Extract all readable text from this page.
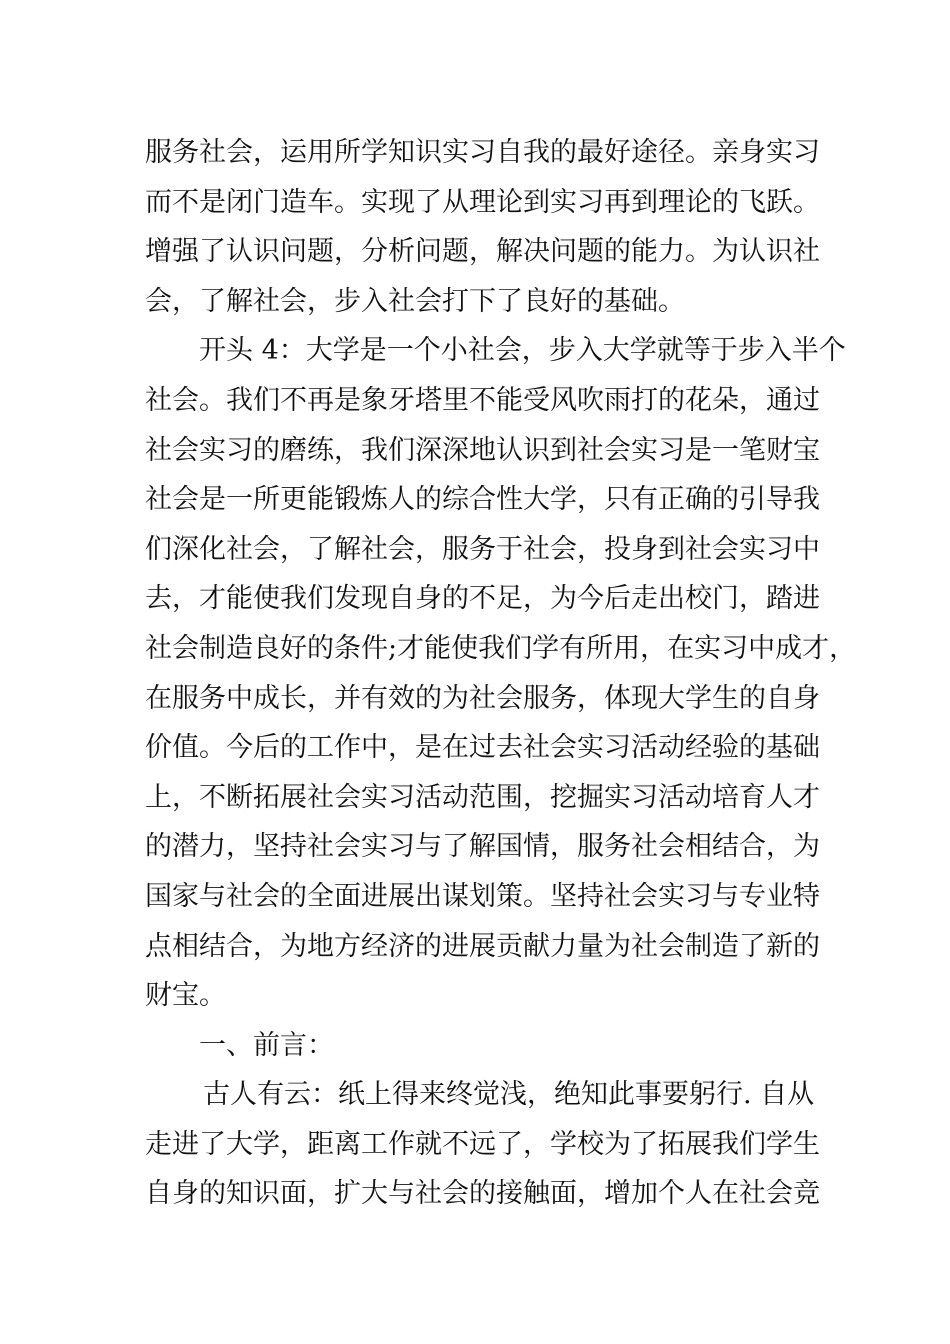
服务社会，运用所学知识实习自我的最好途径。亲身实习
而不是闭门造车。实现了从理论到实习再到理论的飞跃。
增强了认识问题，分析问题，解决问题的能力。为认识社
会，了解社会，步入社会打下了良好的基础。
开头 4：大学是一个小社会，步入大学就等于步入半个
社会。我们不再是象牙塔里不能受风吹雨打的花朵，通过
社会实习的磨练，我们深深地认识到社会实习是一笔财宝
社会是一所更能锻炼人的综合性大学，只有正确的引导我
们深化社会，了解社会，服务于社会，投身到社会实习中
去，才能使我们发现自身的不足，为今后走出校门，踏进
社会制造良好的条件;才能使我们学有所用，在实习中成才，
在服务中成长，并有效的为社会服务，体现大学生的自身
价值。今后的工作中，是在过去社会实习活动经验的基础
上，不断拓展社会实习活动范围，挖掘实习活动培育人才
的潜力，坚持社会实习与了解国情，服务社会相结合，为
国家与社会的全面进展出谋划策。坚持社会实习与专业特
点相结合，为地方经济的进展贡献力量为社会制造了新的
财宝。
一、前言：
古人有云：纸上得来终觉浅，绝知此事要躬行. 自从
走进了大学，距离工作就不远了，学校为了拓展我们学生
自身的知识面，扩大与社会的接触面，增加个人在社会竞
